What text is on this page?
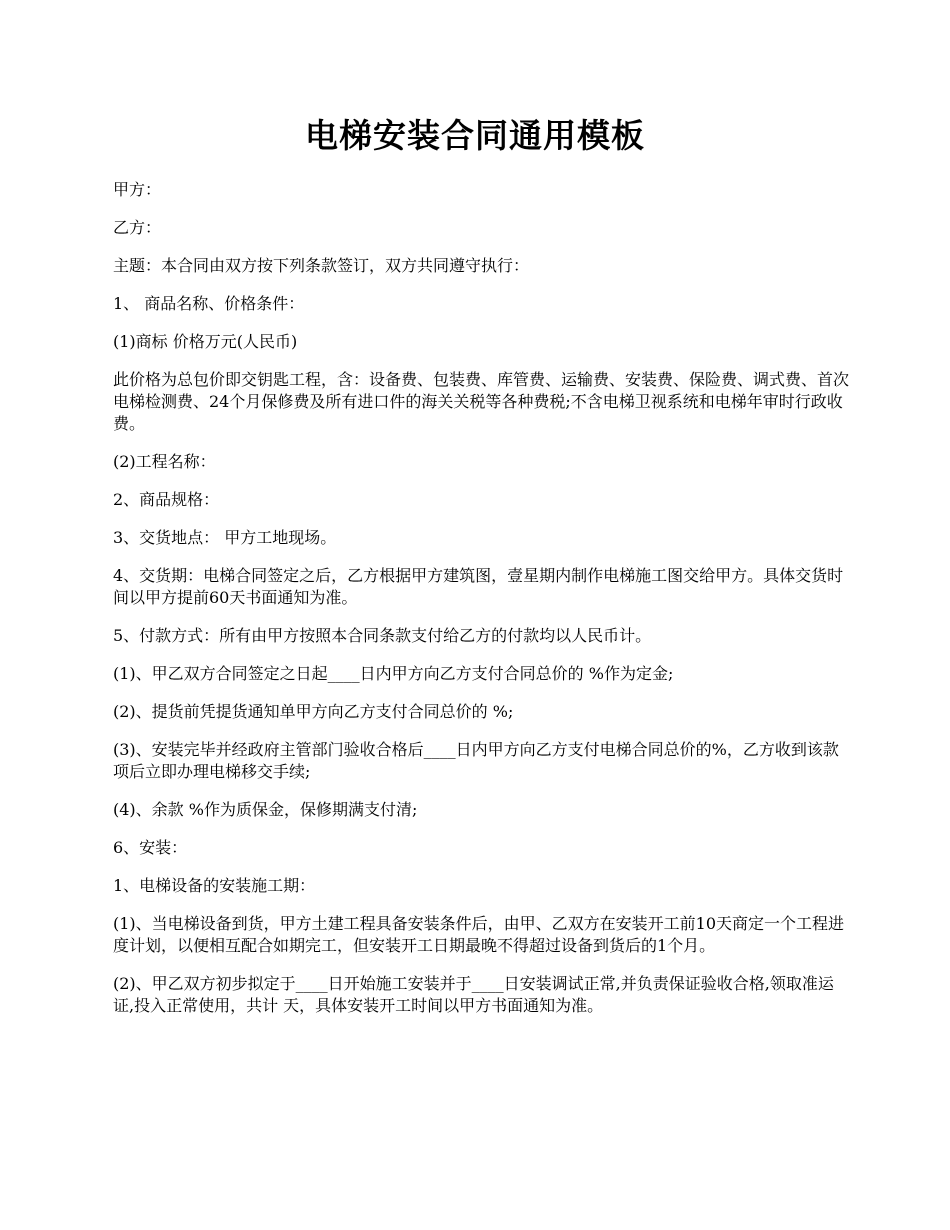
电梯安装合同通用模板

甲方：

乙方：

主题：本合同由双方按下列条款签订，双方共同遵守执行：

1、 商品名称、价格条件：

(1)商标 价格万元(人民币)

此价格为总包价即交钥匙工程，含：设备费、包装费、库管费、运输费、安装费、保险费、调式费、首次电梯检测费、24个月保修费及所有进口件的海关关税等各种费税;不含电梯卫视系统和电梯年审时行政收费。

(2)工程名称：

2、商品规格：

3、交货地点： 甲方工地现场。

4、交货期：电梯合同签定之后，乙方根据甲方建筑图，壹星期内制作电梯施工图交给甲方。具体交货时间以甲方提前60天书面通知为准。

5、付款方式：所有由甲方按照本合同条款支付给乙方的付款均以人民币计。

(1)、甲乙双方合同签定之日起____日内甲方向乙方支付合同总价的 %作为定金;

(2)、提货前凭提货通知单甲方向乙方支付合同总价的 %;

(3)、安装完毕并经政府主管部门验收合格后____日内甲方向乙方支付电梯合同总价的%，乙方收到该款项后立即办理电梯移交手续;

(4)、余款 %作为质保金，保修期满支付清;

6、安装：

1、电梯设备的安装施工期：

(1)、当电梯设备到货，甲方土建工程具备安装条件后，由甲、乙双方在安装开工前10天商定一个工程进度计划，以便相互配合如期完工，但安装开工日期最晚不得超过设备到货后的1个月。

(2)、甲乙双方初步拟定于____日开始施工安装并于____日安装调试正常,并负责保证验收合格,领取准运证,投入正常使用，共计 天，具体安装开工时间以甲方书面通知为准。
